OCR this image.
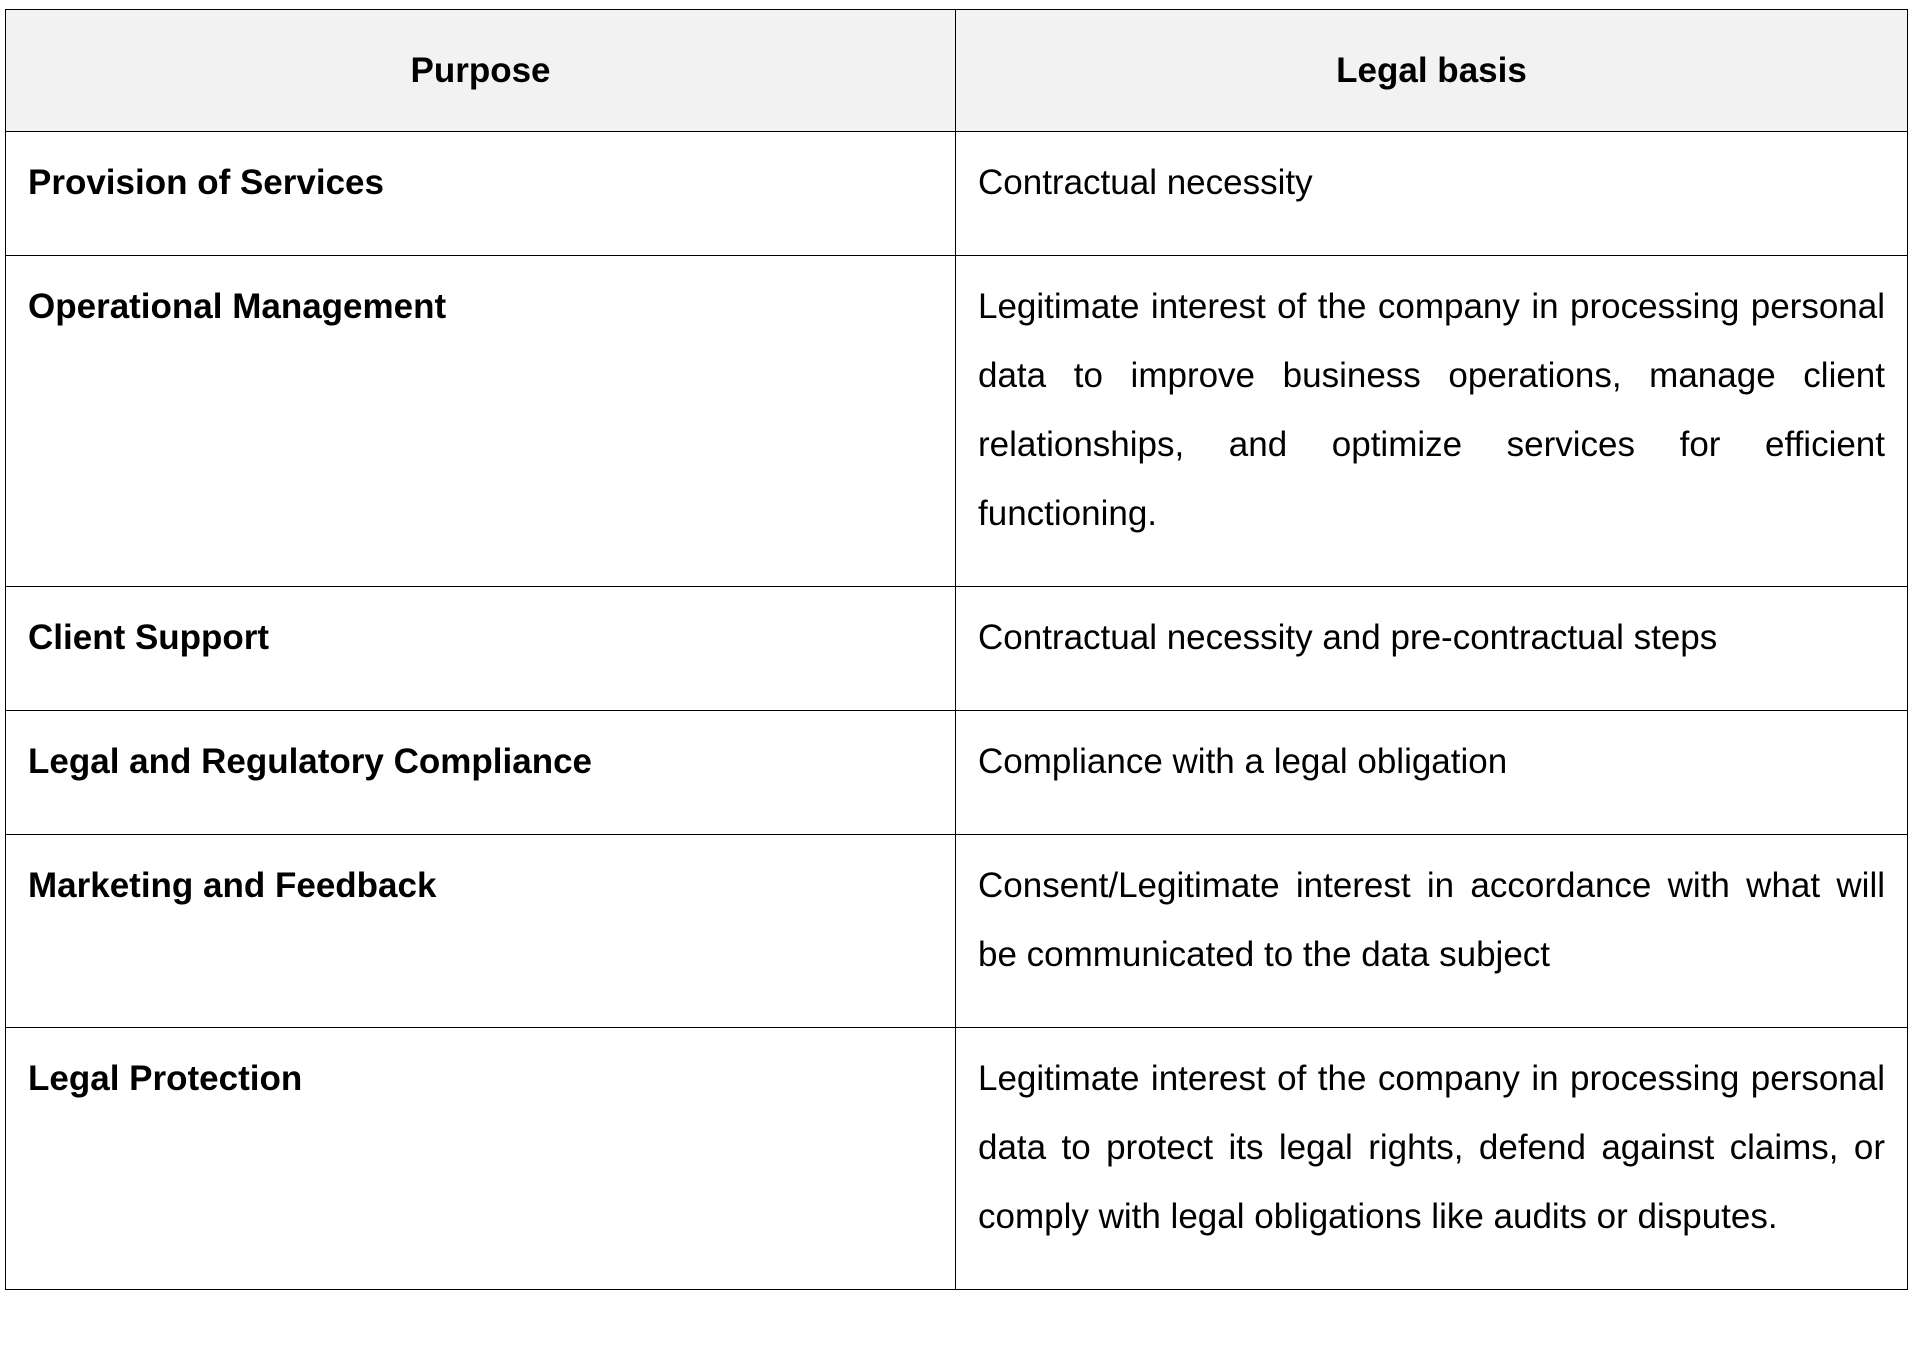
Purpose	Legal basis
Provision of Services	Contractual necessity
Operational Management	Legitimate interest of the company in processing personal data to improve business operations, manage client relationships, and optimize services for efficient functioning.
Client Support	Contractual necessity and pre-contractual steps
Legal and Regulatory Compliance	Compliance with a legal obligation
Marketing and Feedback	Consent/Legitimate interest in accordance with what will be communicated to the data subject
Legal Protection	Legitimate interest of the company in processing personal data to protect its legal rights, defend against claims, or comply with legal obligations like audits or disputes.
